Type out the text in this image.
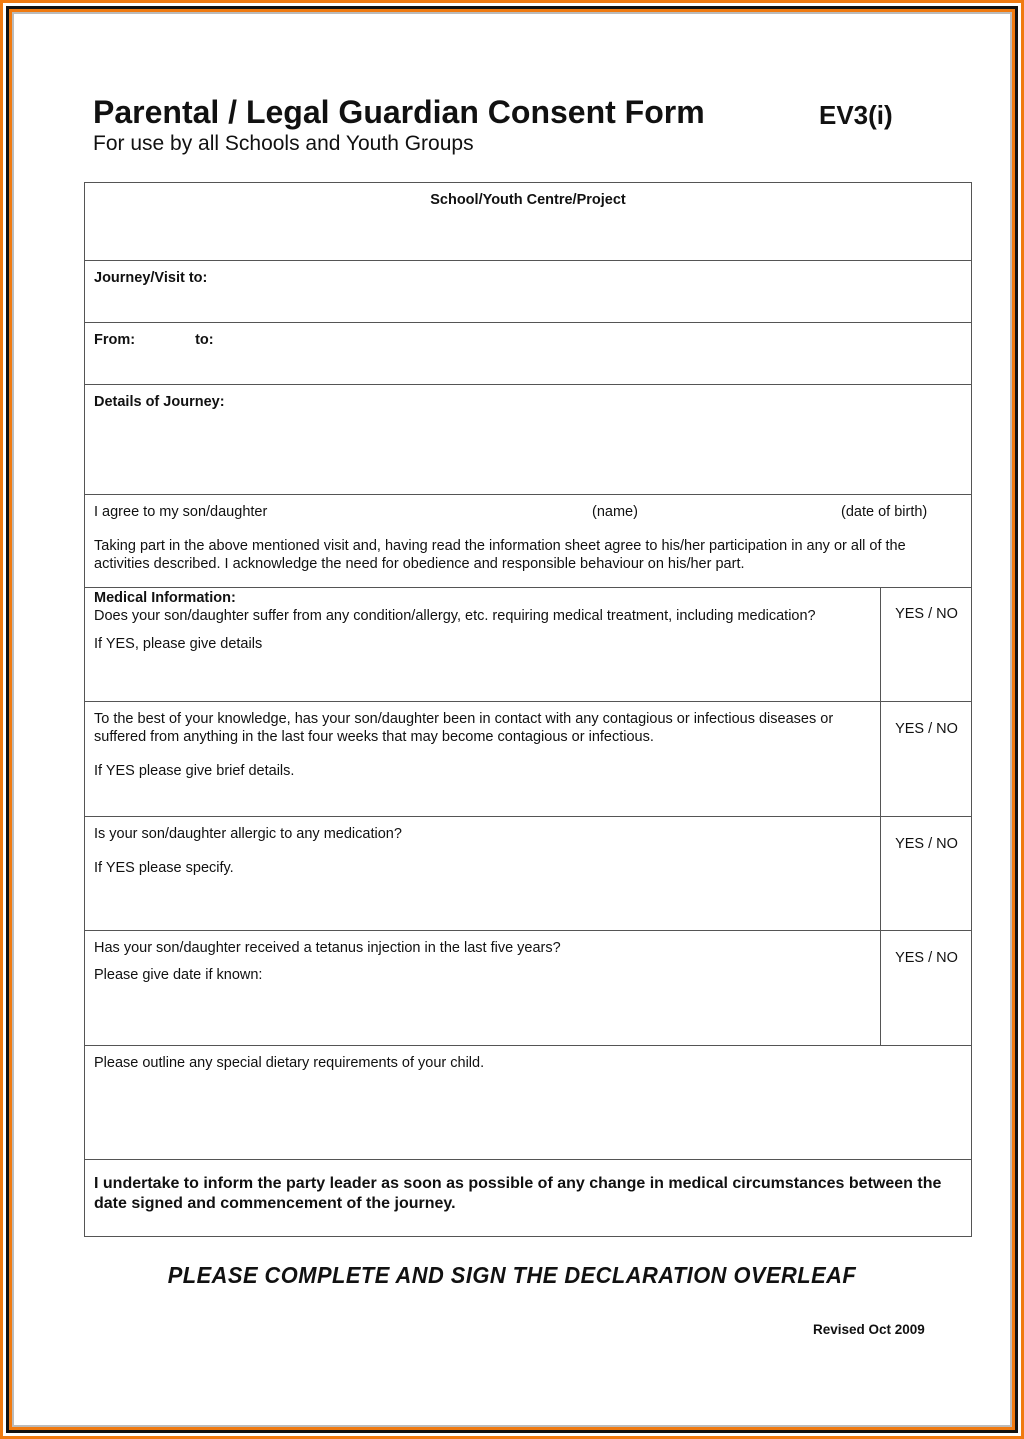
Parental / Legal Guardian Consent Form	EV3(i)
For use by all Schools and Youth Groups
School/Youth Centre/Project
Journey/Visit to:
From:	to:
Details of Journey:
I agree to my son/daughter	(name)	(date of birth)
Taking part in the above mentioned visit and, having read the information sheet agree to his/her participation in any or all of the activities described. I acknowledge the need for obedience and responsible behaviour on his/her part.
Medical Information:
Does your son/daughter suffer from any condition/allergy, etc. requiring medical treatment, including medication?
If YES, please give details
YES / NO
To the best of your knowledge, has your son/daughter been in contact with any contagious or infectious diseases or suffered from anything in the last four weeks that may become contagious or infectious.
If YES please give brief details.
YES / NO
Is your son/daughter allergic to any medication?
If YES please specify.
YES / NO
Has your son/daughter received a tetanus injection in the last five years?
Please give date if known:
YES / NO
Please outline any special dietary requirements of your child.
I undertake to inform the party leader as soon as possible of any change in medical circumstances between the date signed and commencement of the journey.
PLEASE COMPLETE AND SIGN THE DECLARATION OVERLEAF
Revised Oct 2009
